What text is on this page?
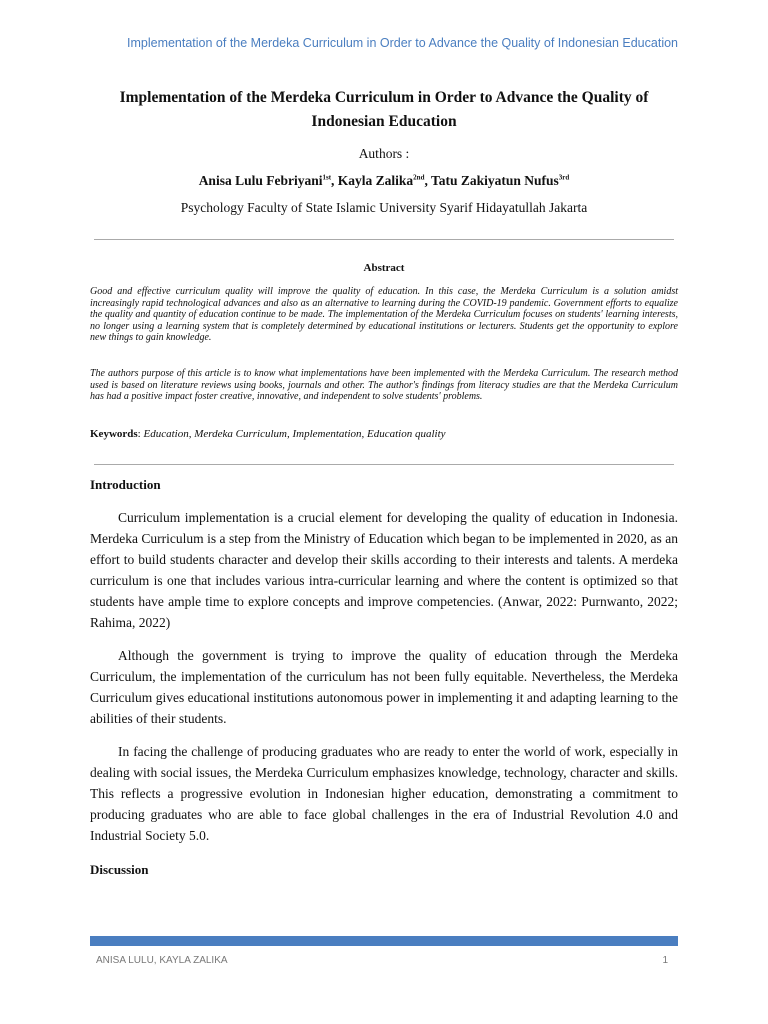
Implementation of the Merdeka Curriculum in Order to Advance the Quality of Indonesian Education
Implementation of the Merdeka Curriculum in Order to Advance the Quality of Indonesian Education
Authors :
Anisa Lulu Febriyani$^{1st}$, Kayla Zalika$^{2nd}$, Tatu Zakiyatun Nufus$^{3rd}$
Psychology Faculty of State Islamic University Syarif Hidayatullah Jakarta
Abstract
Good and effective curriculum quality will improve the quality of education. In this case, the Merdeka Curriculum is a solution amidst increasingly rapid technological advances and also as an alternative to learning during the COVID-19 pandemic. Government efforts to equalize the quality and quantity of education continue to be made. The implementation of the Merdeka Curriculum focuses on students' learning interests, no longer using a learning system that is completely determined by educational institutions or lecturers. Students get the opportunity to explore new things to gain knowledge.
The authors purpose of this article is to know what implementations have been implemented with the Merdeka Curriculum. The research method used is based on literature reviews using books, journals and other. The author's findings from literacy studies are that the Merdeka Curriculum has had a positive impact foster creative, innovative, and independent to solve students' problems.
Keywords: Education, Merdeka Curriculum, Implementation, Education quality
Introduction
Curriculum implementation is a crucial element for developing the quality of education in Indonesia. Merdeka Curriculum is a step from the Ministry of Education which began to be implemented in 2020, as an effort to build students character and develop their skills according to their interests and talents. A merdeka curriculum is one that includes various intra-curricular learning and where the content is optimized so that students have ample time to explore concepts and improve competencies. (Anwar, 2022: Purnwanto, 2022; Rahima, 2022)
Although the government is trying to improve the quality of education through the Merdeka Curriculum, the implementation of the curriculum has not been fully equitable. Nevertheless, the Merdeka Curriculum gives educational institutions autonomous power in implementing it and adapting learning to the abilities of their students.
In facing the challenge of producing graduates who are ready to enter the world of work, especially in dealing with social issues, the Merdeka Curriculum emphasizes knowledge, technology, character and skills. This reflects a progressive evolution in Indonesian higher education, demonstrating a commitment to producing graduates who are able to face global challenges in the era of Industrial Revolution 4.0 and Industrial Society 5.0.
Discussion
ANISA LULU, KAYLA ZALIKA	1
